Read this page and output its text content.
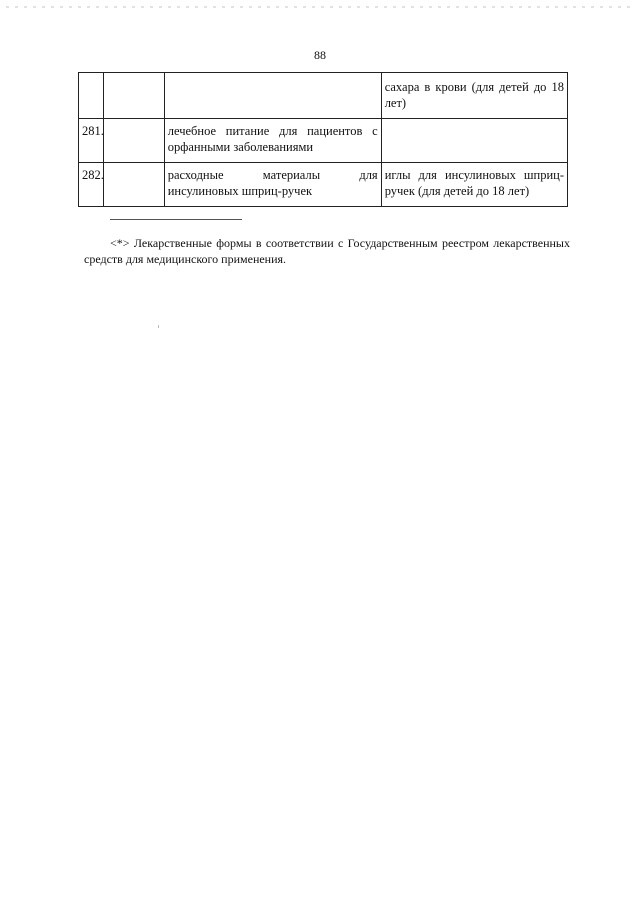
88
			сахара в крови (для детей до 18 лет)
281.		лечебное питание для пациентов с орфанными заболеваниями	
282.		расходные материалы для инсулиновых шприц-ручек	иглы для инсулиновых шприц-ручек (для детей до 18 лет)
<*> Лекарственные формы в соответствии с Государственным реестром лекарственных средств для медицинского применения.
